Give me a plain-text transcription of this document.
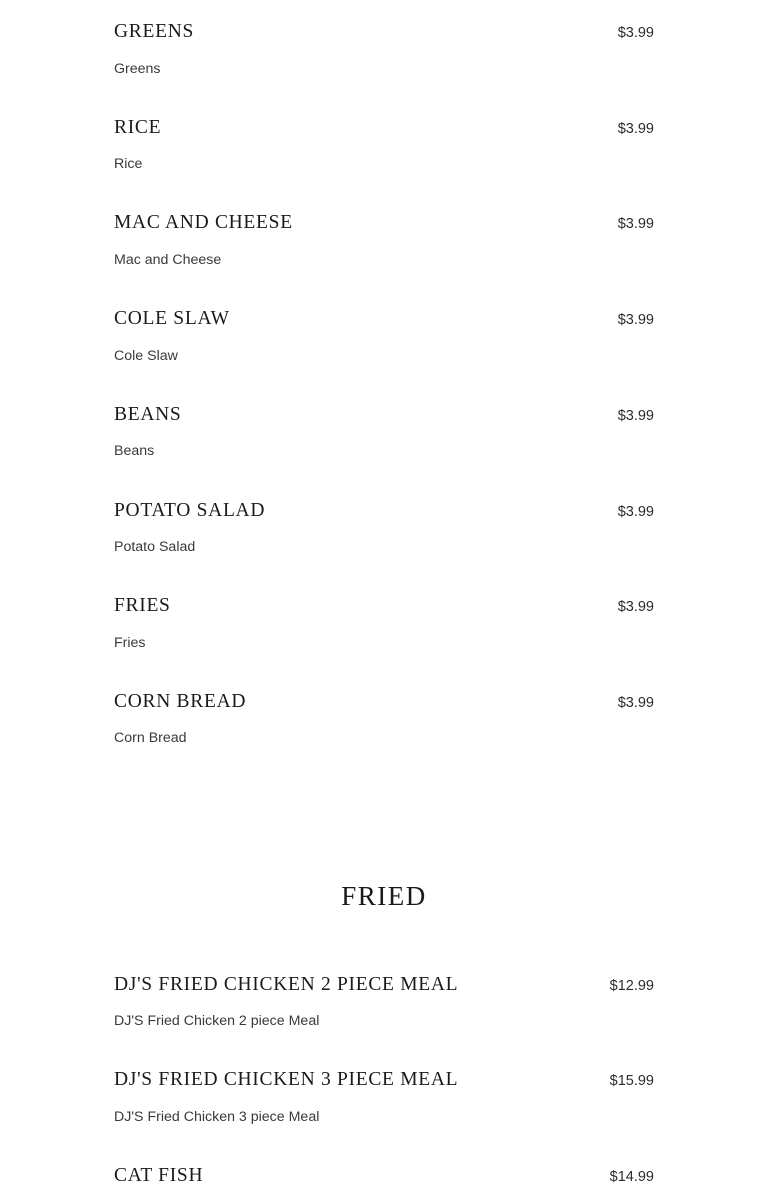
GREENS	$3.99
Greens
RICE	$3.99
Rice
MAC AND CHEESE	$3.99
Mac and Cheese
COLE SLAW	$3.99
Cole Slaw
BEANS	$3.99
Beans
POTATO SALAD	$3.99
Potato Salad
FRIES	$3.99
Fries
CORN BREAD	$3.99
Corn Bread
FRIED
DJ'S FRIED CHICKEN 2 PIECE MEAL	$12.99
DJ'S Fried Chicken 2 piece Meal
DJ'S FRIED CHICKEN 3 PIECE MEAL	$15.99
DJ'S Fried Chicken 3 piece Meal
CAT FISH	$14.99
